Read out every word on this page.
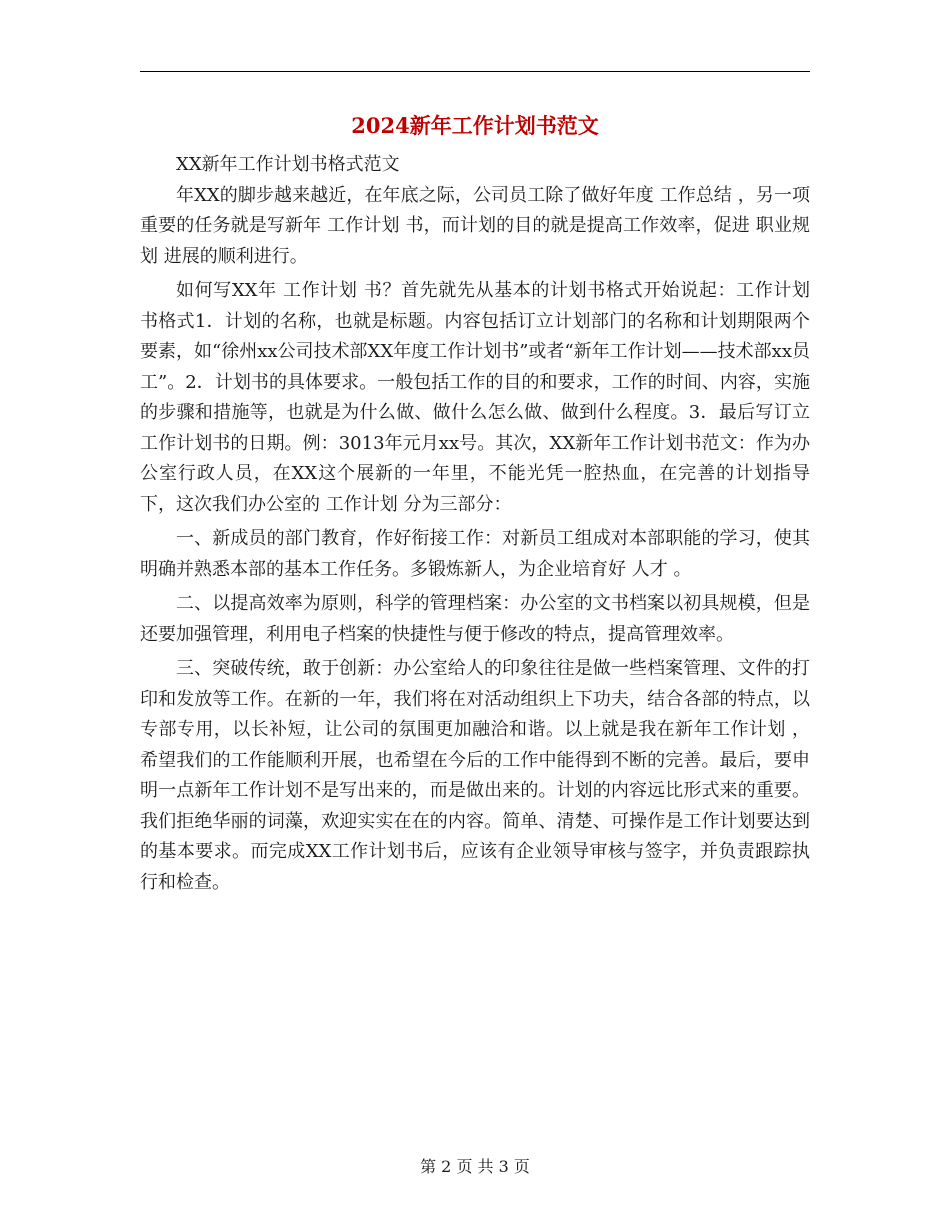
2024新年工作计划书范文

XX新年工作计划书格式范文

年XX的脚步越来越近，在年底之际，公司员工除了做好年度 工作总结 ，另一项重要的任务就是写新年 工作计划 书，而计划的目的就是提高工作效率，促进 职业规划 进展的顺利进行。

如何写XX年 工作计划 书？首先就先从基本的计划书格式开始说起：工作计划 书格式1．计划的名称，也就是标题。内容包括订立计划部门的名称和计划期限两个要素，如“徐州xx公司技术部XX年度工作计划书”或者“新年工作计划——技术部xx员工”。2．计划书的具体要求。一般包括工作的目的和要求，工作的时间、内容，实施的步骤和措施等，也就是为什么做、做什么怎么做、做到什么程度。3．最后写订立工作计划书的日期。例：3013年元月xx号。其次，XX新年工作计划书范文：作为办公室行政人员，在XX这个展新的一年里，不能光凭一腔热血，在完善的计划指导下，这次我们办公室的 工作计划 分为三部分：

一、新成员的部门教育，作好衔接工作：对新员工组成对本部职能的学习，使其明确并熟悉本部的基本工作任务。多锻炼新人，为企业培育好 人才 。

二、以提高效率为原则，科学的管理档案：办公室的文书档案以初具规模，但是还要加强管理，利用电子档案的快捷性与便于修改的特点，提高管理效率。

三、突破传统，敢于创新：办公室给人的印象往往是做一些档案管理、文件的打印和发放等工作。在新的一年，我们将在对活动组织上下功夫，结合各部的特点，以专部专用，以长补短，让公司的氛围更加融洽和谐。以上就是我在新年工作计划 ，希望我们的工作能顺利开展，也希望在今后的工作中能得到不断的完善。最后，要申明一点新年工作计划不是写出来的，而是做出来的。计划的内容远比形式来的重要。我们拒绝华丽的词藻，欢迎实实在在的内容。简单、清楚、可操作是工作计划要达到的基本要求。而完成XX工作计划书后，应该有企业领导审核与签字，并负责跟踪执行和检查。

第 2 页 共 3 页
